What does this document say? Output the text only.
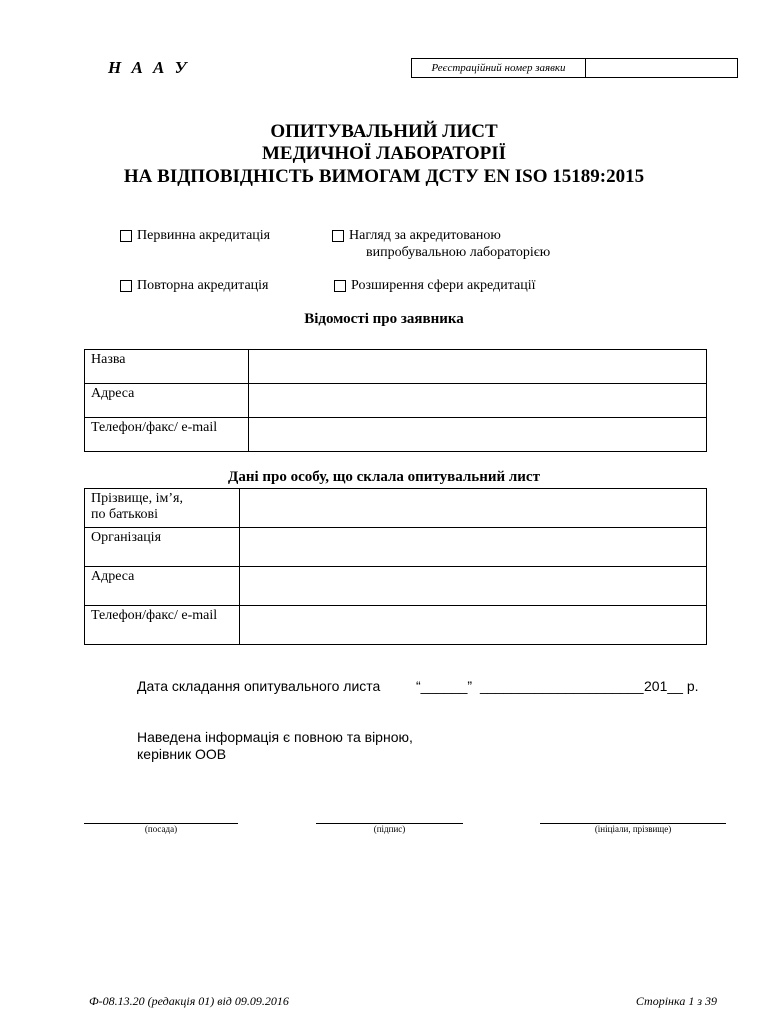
Н А А У	Реєстраційний номер заявки
ОПИТУВАЛЬНИЙ ЛИСТ
МЕДИЧНОЇ ЛАБОРАТОРІЇ
НА ВІДПОВІДНІСТЬ ВИМОГАМ ДСТУ EN ISO 15189:2015
Первинна акредитація	Нагляд за акредитованою
випробувальною лабораторією
Повторна акредитація	Розширення сфери акредитації
Відомості про заявника
Назва	
Адреса	
Телефон/факс/ e-mail	
Дані про особу, що склала опитувальний лист
Прізвище, ім’я,
по батькові	
Організація	
Адреса	
Телефон/факс/ e-mail	
Дата складання опитувального листа	“______” _____________________ 201__ р.
Наведена інформація є повною та вірною,
керівник ООВ
(посада)	(підпис)	(ініціали, прізвище)
Ф-08.13.20 (редакція 01) від 09.09.2016	Сторінка 1 з 39
